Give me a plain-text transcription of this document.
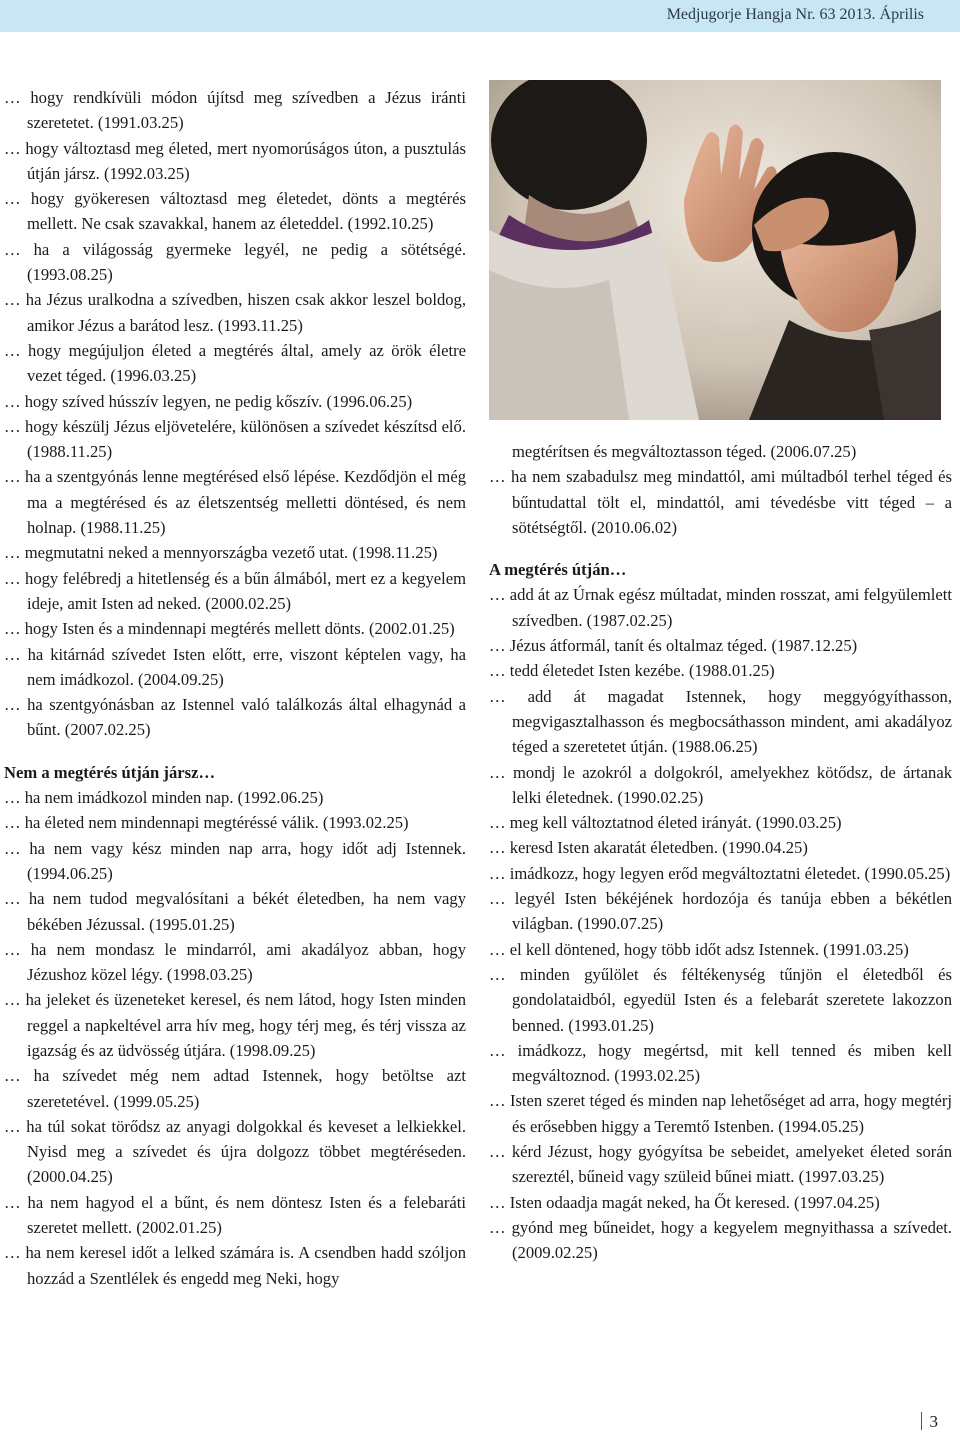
Medjugorje Hangja Nr. 63 2013. Április

… hogy rendkívüli módon újítsd meg szívedben a Jézus iránti szeretetet. (1991.03.25)

… hogy változtasd meg életed, mert nyomorúságos úton, a pusztulás útján jársz. (1992.03.25)

… hogy gyökeresen változtasd meg életedet, dönts a megtérés mellett. Ne csak szavakkal, hanem az életeddel. (1992.10.25)

… ha a világosság gyermeke legyél, ne pedig a sötétségé. (1993.08.25)

… ha Jézus uralkodna a szívedben, hiszen csak akkor leszel boldog, amikor Jézus a barátod lesz. (1993.11.25)

… hogy megújuljon életed a megtérés által, amely az örök életre vezet téged. (1996.03.25)

… hogy szíved hússzív legyen, ne pedig kőszív. (1996.06.25)

… hogy készülj Jézus eljövetelére, különösen a szívedet készítsd elő. (1988.11.25)

… ha a szentgyónás lenne megtérésed első lépése. Kezdődjön el még ma a megtérésed és az életszentség melletti döntésed, és nem holnap. (1988.11.25)

… megmutatni neked a mennyországba vezető utat. (1998.11.25)

… hogy felébredj a hitetlenség és a bűn álmából, mert ez a kegyelem ideje, amit Isten ad neked. (2000.02.25)

… hogy Isten és a mindennapi megtérés mellett dönts. (2002.01.25)

… ha kitárnád szívedet Isten előtt, erre, viszont képtelen vagy, ha nem imádkozol. (2004.09.25)

… ha szentgyónásban az Istennel való találkozás által elhagynád a bűnt. (2007.02.25)

Nem a megtérés útján jársz…

… ha nem imádkozol minden nap. (1992.06.25)

… ha életed nem mindennapi megtéréssé válik. (1993.02.25)

… ha nem vagy kész minden nap arra, hogy időt adj Istennek. (1994.06.25)

… ha nem tudod megvalósítani a békét életedben, ha nem vagy békében Jézussal. (1995.01.25)

… ha nem mondasz le mindarról, ami akadályoz abban, hogy Jézushoz közel légy. (1998.03.25)

… ha jeleket és üzeneteket keresel, és nem látod, hogy Isten minden reggel a napkeltével arra hív meg, hogy térj meg, és térj vissza az igazság és az üdvösség útjára. (1998.09.25)

… ha szívedet még nem adtad Istennek, hogy betöltse azt szeretetével. (1999.05.25)

… ha túl sokat törődsz az anyagi dolgokkal és keveset a lelkiekkel. Nyisd meg a szívedet és újra dolgozz többet megtéréseden. (2000.04.25)

… ha nem hagyod el a bűnt, és nem döntesz Isten és a felebaráti szeretet mellett. (2002.01.25)

… ha nem keresel időt a lelked számára is. A csendben hadd szóljon hozzád a Szentlélek és engedd meg Neki, hogy

megtérítsen és megváltoztasson téged. (2006.07.25)

… ha nem szabadulsz meg mindattól, ami múltadból terhel téged és bűntudattal tölt el, mindattól, ami tévedésbe vitt téged – a sötétségtől. (2010.06.02)

A megtérés útján…

… add át az Úrnak egész múltadat, minden rosszat, ami felgyülemlett szívedben. (1987.02.25)

… Jézus átformál, tanít és oltalmaz téged. (1987.12.25)

… tedd életedet Isten kezébe. (1988.01.25)

… add át magadat Istennek, hogy meggyógyíthasson, megvigasztalhasson és megbocsáthasson mindent, ami akadályoz téged a szeretetet útján. (1988.06.25)

… mondj le azokról a dolgokról, amelyekhez kötődsz, de ártanak lelki életednek. (1990.02.25)

… meg kell változtatnod életed irányát. (1990.03.25)

… keresd Isten akaratát életedben. (1990.04.25)

… imádkozz, hogy legyen erőd megváltoztatni életedet. (1990.05.25)

… legyél Isten békéjének hordozója és tanúja ebben a békétlen világban. (1990.07.25)

… el kell döntened, hogy több időt adsz Istennek. (1991.03.25)

… minden gyűlölet és féltékenység tűnjön el életedből és gondolataidból, egyedül Isten és a felebarát szeretete lakozzon benned. (1993.01.25)

… imádkozz, hogy megértsd, mit kell tenned és miben kell megváltoznod. (1993.02.25)

… Isten szeret téged és minden nap lehetőséget ad arra, hogy megtérj és erősebben higgy a Teremtő Istenben. (1994.05.25)

… kérd Jézust, hogy gyógyítsa be sebeidet, amelyeket életed során szereztél, bűneid vagy szüleid bűnei miatt. (1997.03.25)

… Isten odaadja magát neked, ha Őt keresed. (1997.04.25)

… gyónd meg bűneidet, hogy a kegyelem megnyithassa a szívedet. (2009.02.25)

3
